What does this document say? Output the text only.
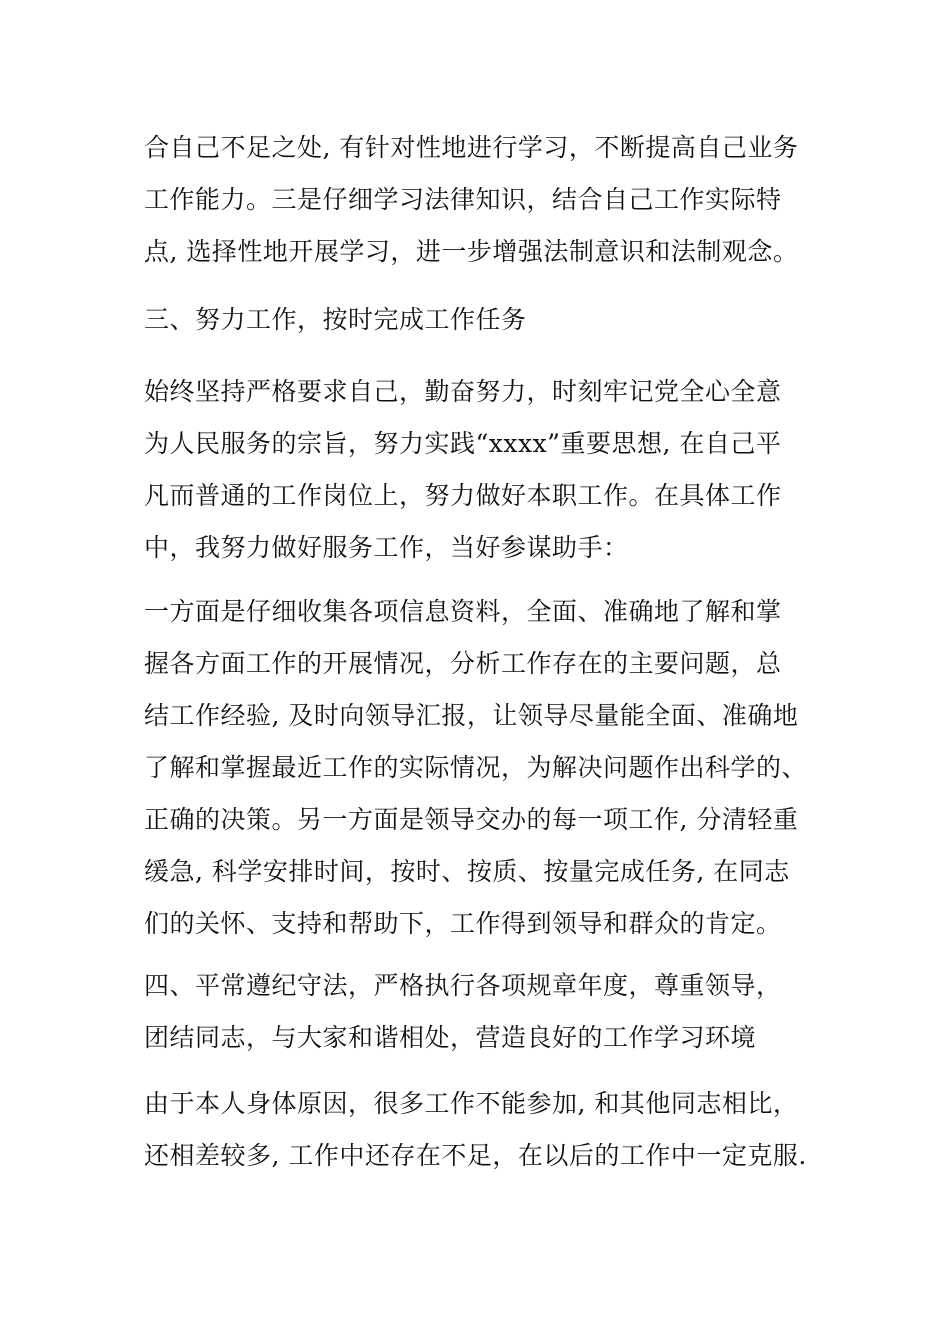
合自己不足之处, 有针对性地进行学习，不断提高自己业务
工作能力。三是仔细学习法律知识，结合自己工作实际特
点, 选择性地开展学习，进一步增强法制意识和法制观念。
三、努力工作，按时完成工作任务
始终坚持严格要求自己，勤奋努力，时刻牢记党全心全意
为人民服务的宗旨，努力实践“xxxx”重要思想, 在自己平
凡而普通的工作岗位上，努力做好本职工作。在具体工作
中，我努力做好服务工作，当好参谋助手：
一方面是仔细收集各项信息资料，全面、准确地了解和掌
握各方面工作的开展情况，分析工作存在的主要问题，总
结工作经验, 及时向领导汇报，让领导尽量能全面、准确地
了解和掌握最近工作的实际情况，为解决问题作出科学的、
正确的决策。另一方面是领导交办的每一项工作, 分清轻重
缓急, 科学安排时间，按时、按质、按量完成任务, 在同志
们的关怀、支持和帮助下，工作得到领导和群众的肯定。
四、平常遵纪守法，严格执行各项规章年度，尊重领导，
团结同志，与大家和谐相处，营造良好的工作学习环境
由于本人身体原因，很多工作不能参加, 和其他同志相比，
还相差较多, 工作中还存在不足，在以后的工作中一定克服.
